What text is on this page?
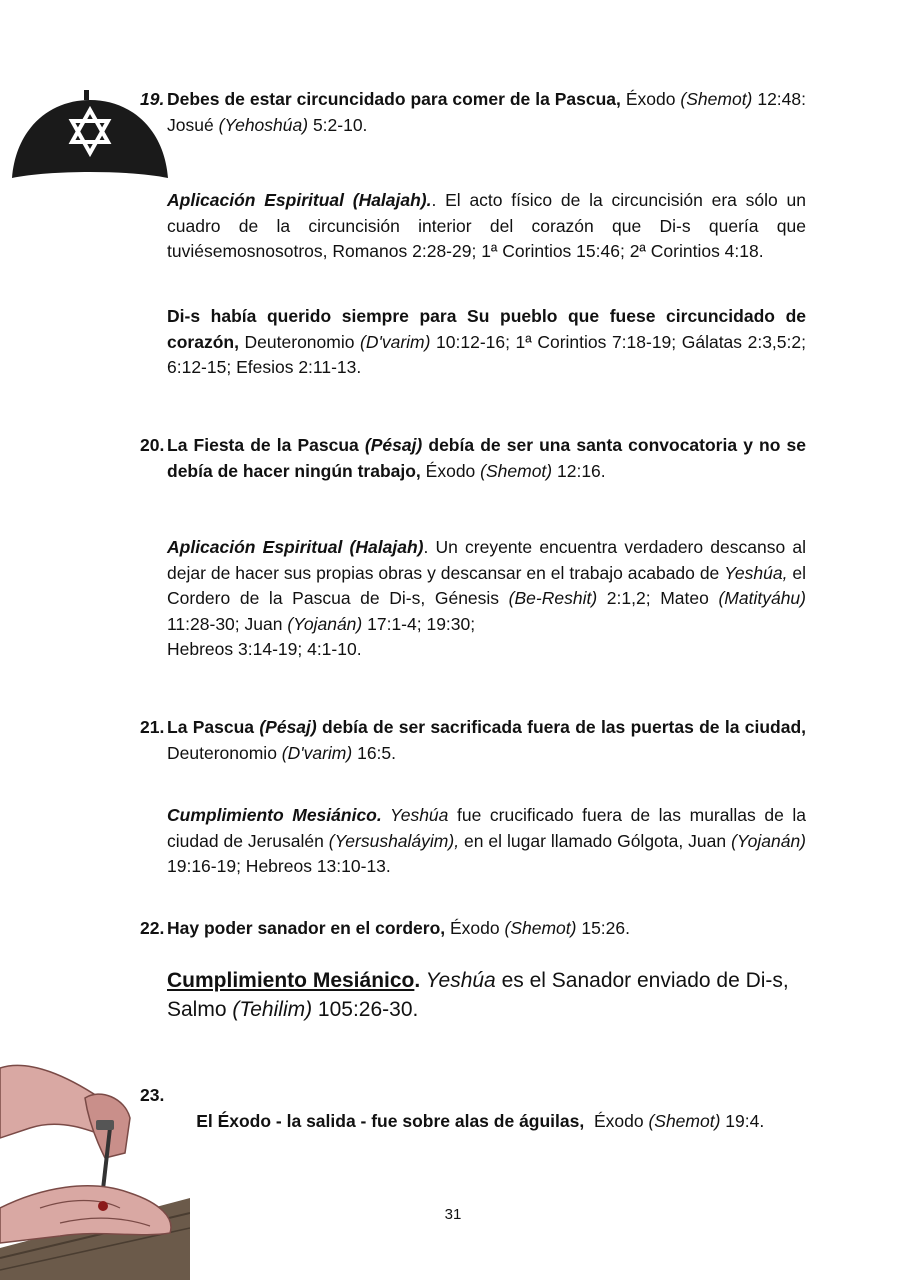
19. Debes de estar circuncidado para comer de la Pascua, Éxodo (Shemot) 12:48: Josué (Yehoshúa) 5:2-10.
Aplicación Espiritual (Halajah).. El acto físico de la circuncisión era sólo un cuadro de la circuncisión interior del corazón que Di-s quería que tuviésemosnosotros, Romanos 2:28-29; 1ª Corintios 15:46; 2ª Corintios 4:18.
Di-s había querido siempre para Su pueblo que fuese circuncidado de corazón, Deuteronomio (D'varim) 10:12-16; 1ª Corintios 7:18-19; Gálatas 2:3,5:2; 6:12-15; Efesios 2:11-13.
20. La Fiesta de la Pascua (Pésaj) debía de ser una santa convocatoria y no se debía de hacer ningún trabajo, Éxodo (Shemot) 12:16.
Aplicación Espiritual (Halajah). Un creyente encuentra verdadero descanso al dejar de hacer sus propias obras y descansar en el trabajo acabado de Yeshúa, el Cordero de la Pascua de Di-s, Génesis (Be-Reshit) 2:1,2; Mateo (Matityáhu) 11:28-30; Juan (Yojanán) 17:1-4; 19:30;
Hebreos 3:14-19; 4:1-10.
21. La Pascua (Pésaj) debía de ser sacrificada fuera de las puertas de la ciudad, Deuteronomio (D'varim) 16:5.
Cumplimiento Mesiánico. Yeshúa fue crucificado fuera de las murallas de la ciudad de Jerusalén (Yersushaláyim), en el lugar llamado Gólgota, Juan (Yojanán) 19:16-19; Hebreos 13:10-13.
22. Hay poder sanador en el cordero, Éxodo (Shemot) 15:26.
Cumplimiento Mesiánico. Yeshúa es el Sanador enviado de Di-s, Salmo (Tehilim) 105:26-30.
23.

El Éxodo - la salida - fue sobre alas de águilas,  Éxodo (Shemot) 19:4.

31
